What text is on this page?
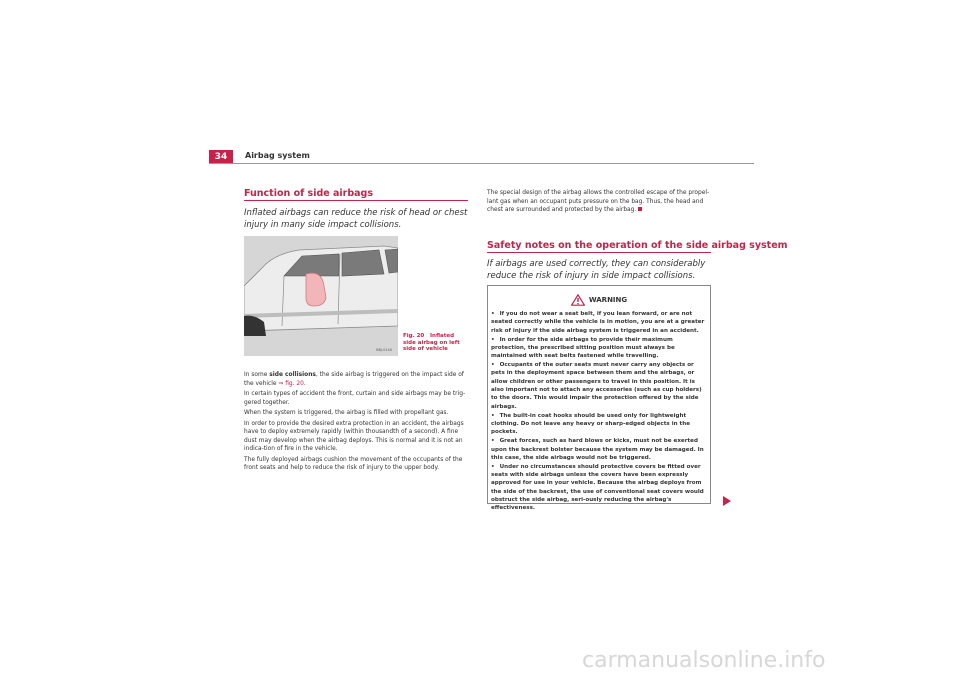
34	Airbag system
Function of side airbags
Inflated airbags can reduce the risk of head or chest injury in many side impact collisions.
B6J-0140
Fig. 20 Inflated side airbag on left side of vehicle

In some side collisions, the side airbag is triggered on the impact side of the vehicle ⇒ fig. 20.

In certain types of accident the front, curtain and side airbags may be trig-gered together.

When the system is triggered, the airbag is filled with propellant gas.

In order to provide the desired extra protection in an accident, the airbags have to deploy extremely rapidly (within thousandth of a second). A fine dust may develop when the airbag deploys. This is normal and it is not an indica-tion of fire in the vehicle.

The fully deployed airbags cushion the movement of the occupants of the front seats and help to reduce the risk of injury to the upper body.

The special design of the airbag allows the controlled escape of the propel-lant gas when an occupant puts pressure on the bag. Thus, the head and chest are surrounded and protected by the airbag.
Safety notes on the operation of the side airbag system
If airbags are used correctly, they can considerably reduce the risk of injury in side impact collisions.
WARNING

• If you do not wear a seat belt, if you lean forward, or are not seated correctly while the vehicle is in motion, you are at a greater risk of injury if the side airbag system is triggered in an accident.

• In order for the side airbags to provide their maximum protection, the prescribed sitting position must always be maintained with seat belts fastened while travelling.

• Occupants of the outer seats must never carry any objects or pets in the deployment space between them and the airbags, or allow children or other passengers to travel in this position. It is also important not to attach any accessories (such as cup holders) to the doors. This would impair the protection offered by the side airbags.

• The built-in coat hooks should be used only for lightweight clothing. Do not leave any heavy or sharp-edged objects in the pockets.

• Great forces, such as hard blows or kicks, must not be exerted upon the backrest bolster because the system may be damaged. In this case, the side airbags would not be triggered.

• Under no circumstances should protective covers be fitted over seats with side airbags unless the covers have been expressly approved for use in your vehicle. Because the airbag deploys from the side of the backrest, the use of conventional seat covers would obstruct the side airbag, seri-ously reducing the airbag's effectiveness.

carmanualsonline.info
